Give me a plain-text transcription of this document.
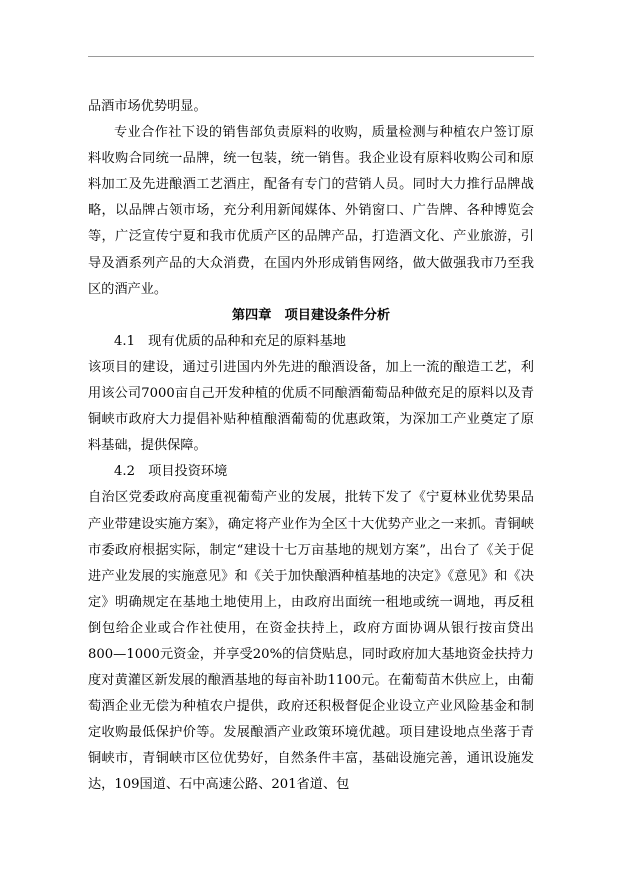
品酒市场优势明显。

专业合作社下设的销售部负责原料的收购，质量检测与种植农户签订原料收购合同统一品牌，统一包装，统一销售。我企业设有原料收购公司和原料加工及先进酿酒工艺酒庄，配备有专门的营销人员。同时大力推行品牌战略，以品牌占领市场，充分利用新闻媒体、外销窗口、广告牌、各种博览会等，广泛宣传宁夏和我市优质产区的品牌产品，打造酒文化、产业旅游，引导及酒系列产品的大众消费，在国内外形成销售网络，做大做强我市乃至我区的酒产业。

第四章　项目建设条件分析

4.1　现有优质的品种和充足的原料基地

该项目的建设，通过引进国内外先进的酿酒设备，加上一流的酿造工艺，利用该公司7000亩自己开发种植的优质不同酿酒葡萄品种做充足的原料以及青铜峡市政府大力提倡补贴种植酿酒葡萄的优惠政策，为深加工产业奠定了原料基础，提供保障。

4.2　项目投资环境

自治区党委政府高度重视葡萄产业的发展，批转下发了《宁夏林业优势果品产业带建设实施方案》，确定将产业作为全区十大优势产业之一来抓。青铜峡市委政府根据实际，制定“建设十七万亩基地的规划方案”，出台了《关于促进产业发展的实施意见》和《关于加快酿酒种植基地的决定》《意见》和《决定》明确规定在基地土地使用上，由政府出面统一租地或统一调地，再反租倒包给企业或合作社使用，在资金扶持上，政府方面协调从银行按亩贷出800—1000元资金，并享受20%的信贷贴息，同时政府加大基地资金扶持力度对黄灌区新发展的酿酒基地的每亩补助1100元。在葡萄苗木供应上，由葡萄酒企业无偿为种植农户提供，政府还积极督促企业设立产业风险基金和制定收购最低保护价等。发展酿酒产业政策环境优越。项目建设地点坐落于青铜峡市，青铜峡市区位优势好，自然条件丰富，基础设施完善，通讯设施发达，109国道、石中高速公路、201省道、包
